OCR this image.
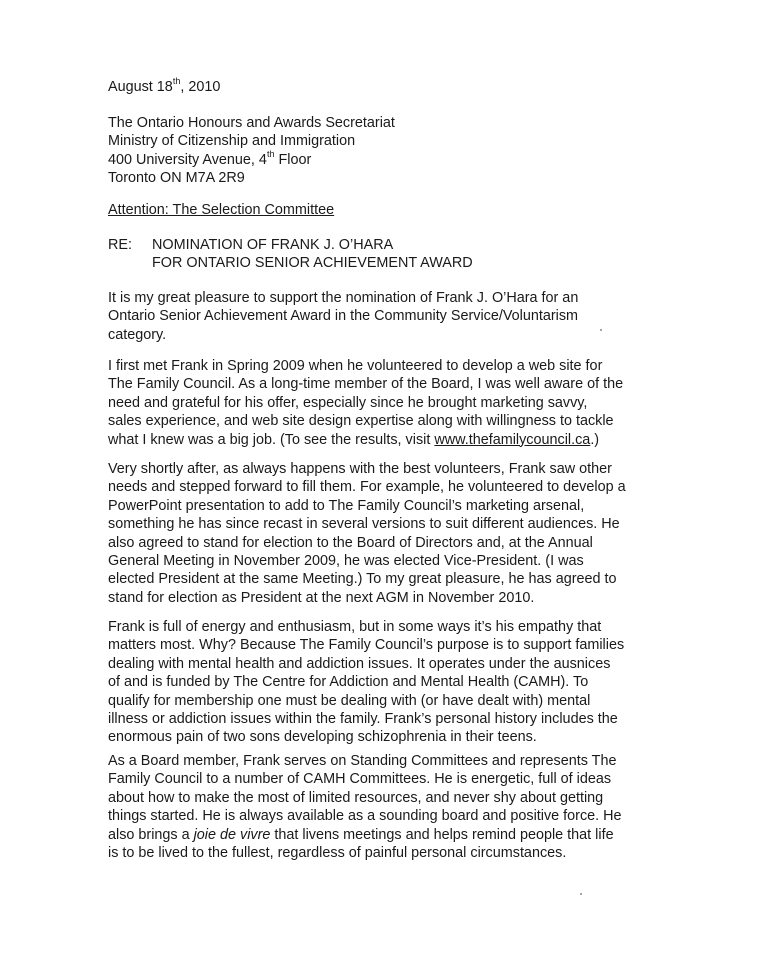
August 18th, 2010
The Ontario Honours and Awards Secretariat
Ministry of Citizenship and Immigration
400 University Avenue, 4th Floor
Toronto ON M7A 2R9
Attention: The Selection Committee
RE: NOMINATION OF FRANK J. O’HARA
FOR ONTARIO SENIOR ACHIEVEMENT AWARD
It is my great pleasure to support the nomination of Frank J. O’Hara for an
Ontario Senior Achievement Award in the Community Service/Voluntarism
category.
I first met Frank in Spring 2009 when he volunteered to develop a web site for
The Family Council. As a long-time member of the Board, I was well aware of the
need and grateful for his offer, especially since he brought marketing savvy,
sales experience, and web site design expertise along with willingness to tackle
what I knew was a big job. (To see the results, visit www.thefamilycouncil.ca.)
Very shortly after, as always happens with the best volunteers, Frank saw other
needs and stepped forward to fill them. For example, he volunteered to develop a
PowerPoint presentation to add to The Family Council’s marketing arsenal,
something he has since recast in several versions to suit different audiences. He
also agreed to stand for election to the Board of Directors and, at the Annual
General Meeting in November 2009, he was elected Vice-President. (I was
elected President at the same Meeting.) To my great pleasure, he has agreed to
stand for election as President at the next AGM in November 2010.
Frank is full of energy and enthusiasm, but in some ways it’s his empathy that
matters most. Why? Because The Family Council’s purpose is to support families
dealing with mental health and addiction issues. It operates under the ausnices
of and is funded by The Centre for Addiction and Mental Health (CAMH). To
qualify for membership one must be dealing with (or have dealt with) mental
illness or addiction issues within the family. Frank’s personal history includes the
enormous pain of two sons developing schizophrenia in their teens.
As a Board member, Frank serves on Standing Committees and represents The
Family Council to a number of CAMH Committees. He is energetic, full of ideas
about how to make the most of limited resources, and never shy about getting
things started. He is always available as a sounding board and positive force. He
also brings a joie de vivre that livens meetings and helps remind people that life
is to be lived to the fullest, regardless of painful personal circumstances.
